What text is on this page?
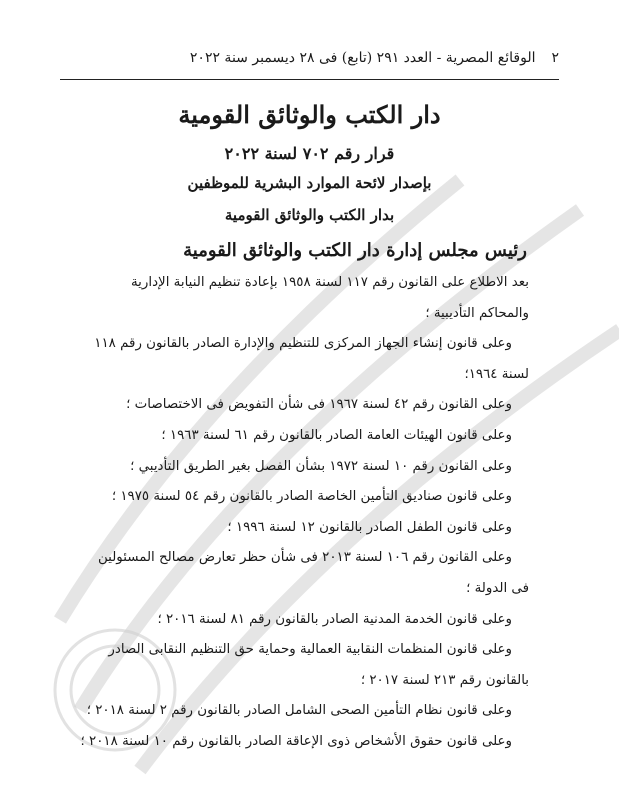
٢
الوقائع المصرية - العدد ٢٩١ (تابع) فى ٢٨ ديسمبر سنة ٢٠٢٢
دار الكتب والوثائق القومية
قرار رقم ٧٠٢ لسنة ٢٠٢٢
بإصدار لائحة الموارد البشرية للموظفين
بدار الكتب والوثائق القومية
رئيس مجلس إدارة دار الكتب والوثائق القومية
بعد الاطلاع على القانون رقم ١١٧ لسنة ١٩٥٨ بإعادة تنظيم النيابة الإدارية
والمحاكم التأديبية ؛
وعلى قانون إنشاء الجهاز المركزى للتنظيم والإدارة الصادر بالقانون رقم ١١٨
لسنة ١٩٦٤؛
وعلى القانون رقم ٤٢ لسنة ١٩٦٧ فى شأن التفويض فى الاختصاصات ؛
وعلى قانون الهيئات العامة الصادر بالقانون رقم ٦١ لسنة ١٩٦٣ ؛
وعلى القانون رقم ١٠ لسنة ١٩٧٢ بشأن الفصل بغير الطريق التأديبي ؛
وعلى قانون صناديق التأمين الخاصة الصادر بالقانون رقم ٥٤ لسنة ١٩٧٥ ؛
وعلى قانون الطفل الصادر بالقانون ١٢ لسنة ١٩٩٦ ؛
وعلى القانون رقم ١٠٦ لسنة ٢٠١٣ فى شأن حظر تعارض مصالح المسئولين
فى الدولة ؛
وعلى قانون الخدمة المدنية الصادر بالقانون رقم ٨١ لسنة ٢٠١٦ ؛
وعلى قانون المنظمات النقابية العمالية وحماية حق التنظيم النقابى الصادر
بالقانون رقم ٢١٣ لسنة ٢٠١٧ ؛
وعلى قانون نظام التأمين الصحى الشامل الصادر بالقانون رقم ٢ لسنة ٢٠١٨ ؛
وعلى قانون حقوق الأشخاص ذوى الإعاقة الصادر بالقانون رقم ١٠ لسنة ٢٠١٨ ؛
